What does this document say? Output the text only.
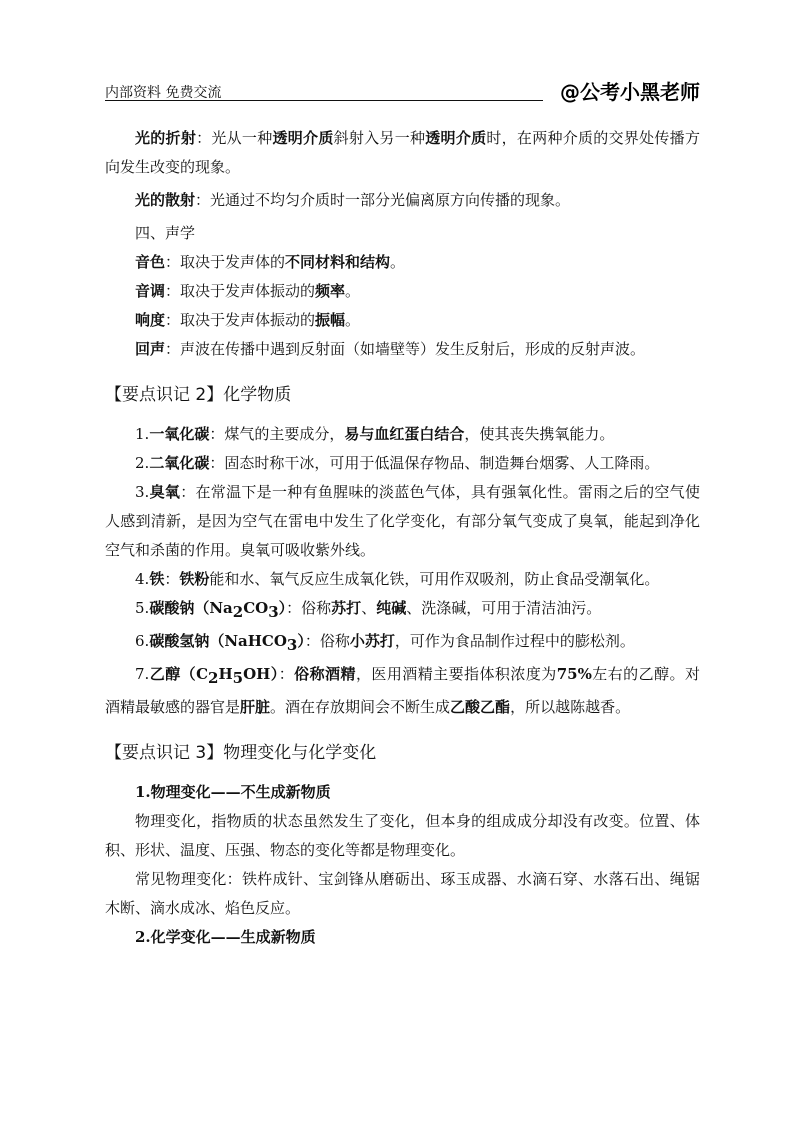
内部资料 免费交流	@公考小黑老师

光的折射：光从一种透明介质斜射入另一种透明介质时，在两种介质的交界处传播方向发生改变的现象。

光的散射：光通过不均匀介质时一部分光偏离原方向传播的现象。

四、声学

音色：取决于发声体的不同材料和结构。

音调：取决于发声体振动的频率。

响度：取决于发声体振动的振幅。

回声：声波在传播中遇到反射面（如墙壁等）发生反射后，形成的反射声波。

【要点识记 2】化学物质

1.一氧化碳：煤气的主要成分，易与血红蛋白结合，使其丧失携氧能力。

2.二氧化碳：固态时称干冰，可用于低温保存物品、制造舞台烟雾、人工降雨。

3.臭氧：在常温下是一种有鱼腥味的淡蓝色气体，具有强氧化性。雷雨之后的空气使人感到清新，是因为空气在雷电中发生了化学变化，有部分氧气变成了臭氧，能起到净化空气和杀菌的作用。臭氧可吸收紫外线。

4.铁：铁粉能和水、氧气反应生成氧化铁，可用作双吸剂，防止食品受潮氧化。

5.碳酸钠$(Na_2CO_3)$：俗称苏打、纯碱、洗涤碱，可用于清洁油污。

6.碳酸氢钠（NaHCO$_3$）：俗称小苏打，可作为食品制作过程中的膨松剂。

7.乙醇$(C_2H_5OH)$：俗称酒精，医用酒精主要指体积浓度为75%左右的乙醇。对酒精最敏感的器官是肝脏。酒在存放期间会不断生成乙酸乙酯，所以越陈越香。

【要点识记 3】物理变化与化学变化

1.物理变化——不生成新物质

物理变化，指物质的状态虽然发生了变化，但本身的组成成分却没有改变。位置、体积、形状、温度、压强、物态的变化等都是物理变化。

常见物理变化：铁杵成针、宝剑锋从磨砺出、琢玉成器、水滴石穿、水落石出、绳锯木断、滴水成冰、焰色反应。

2.化学变化——生成新物质
